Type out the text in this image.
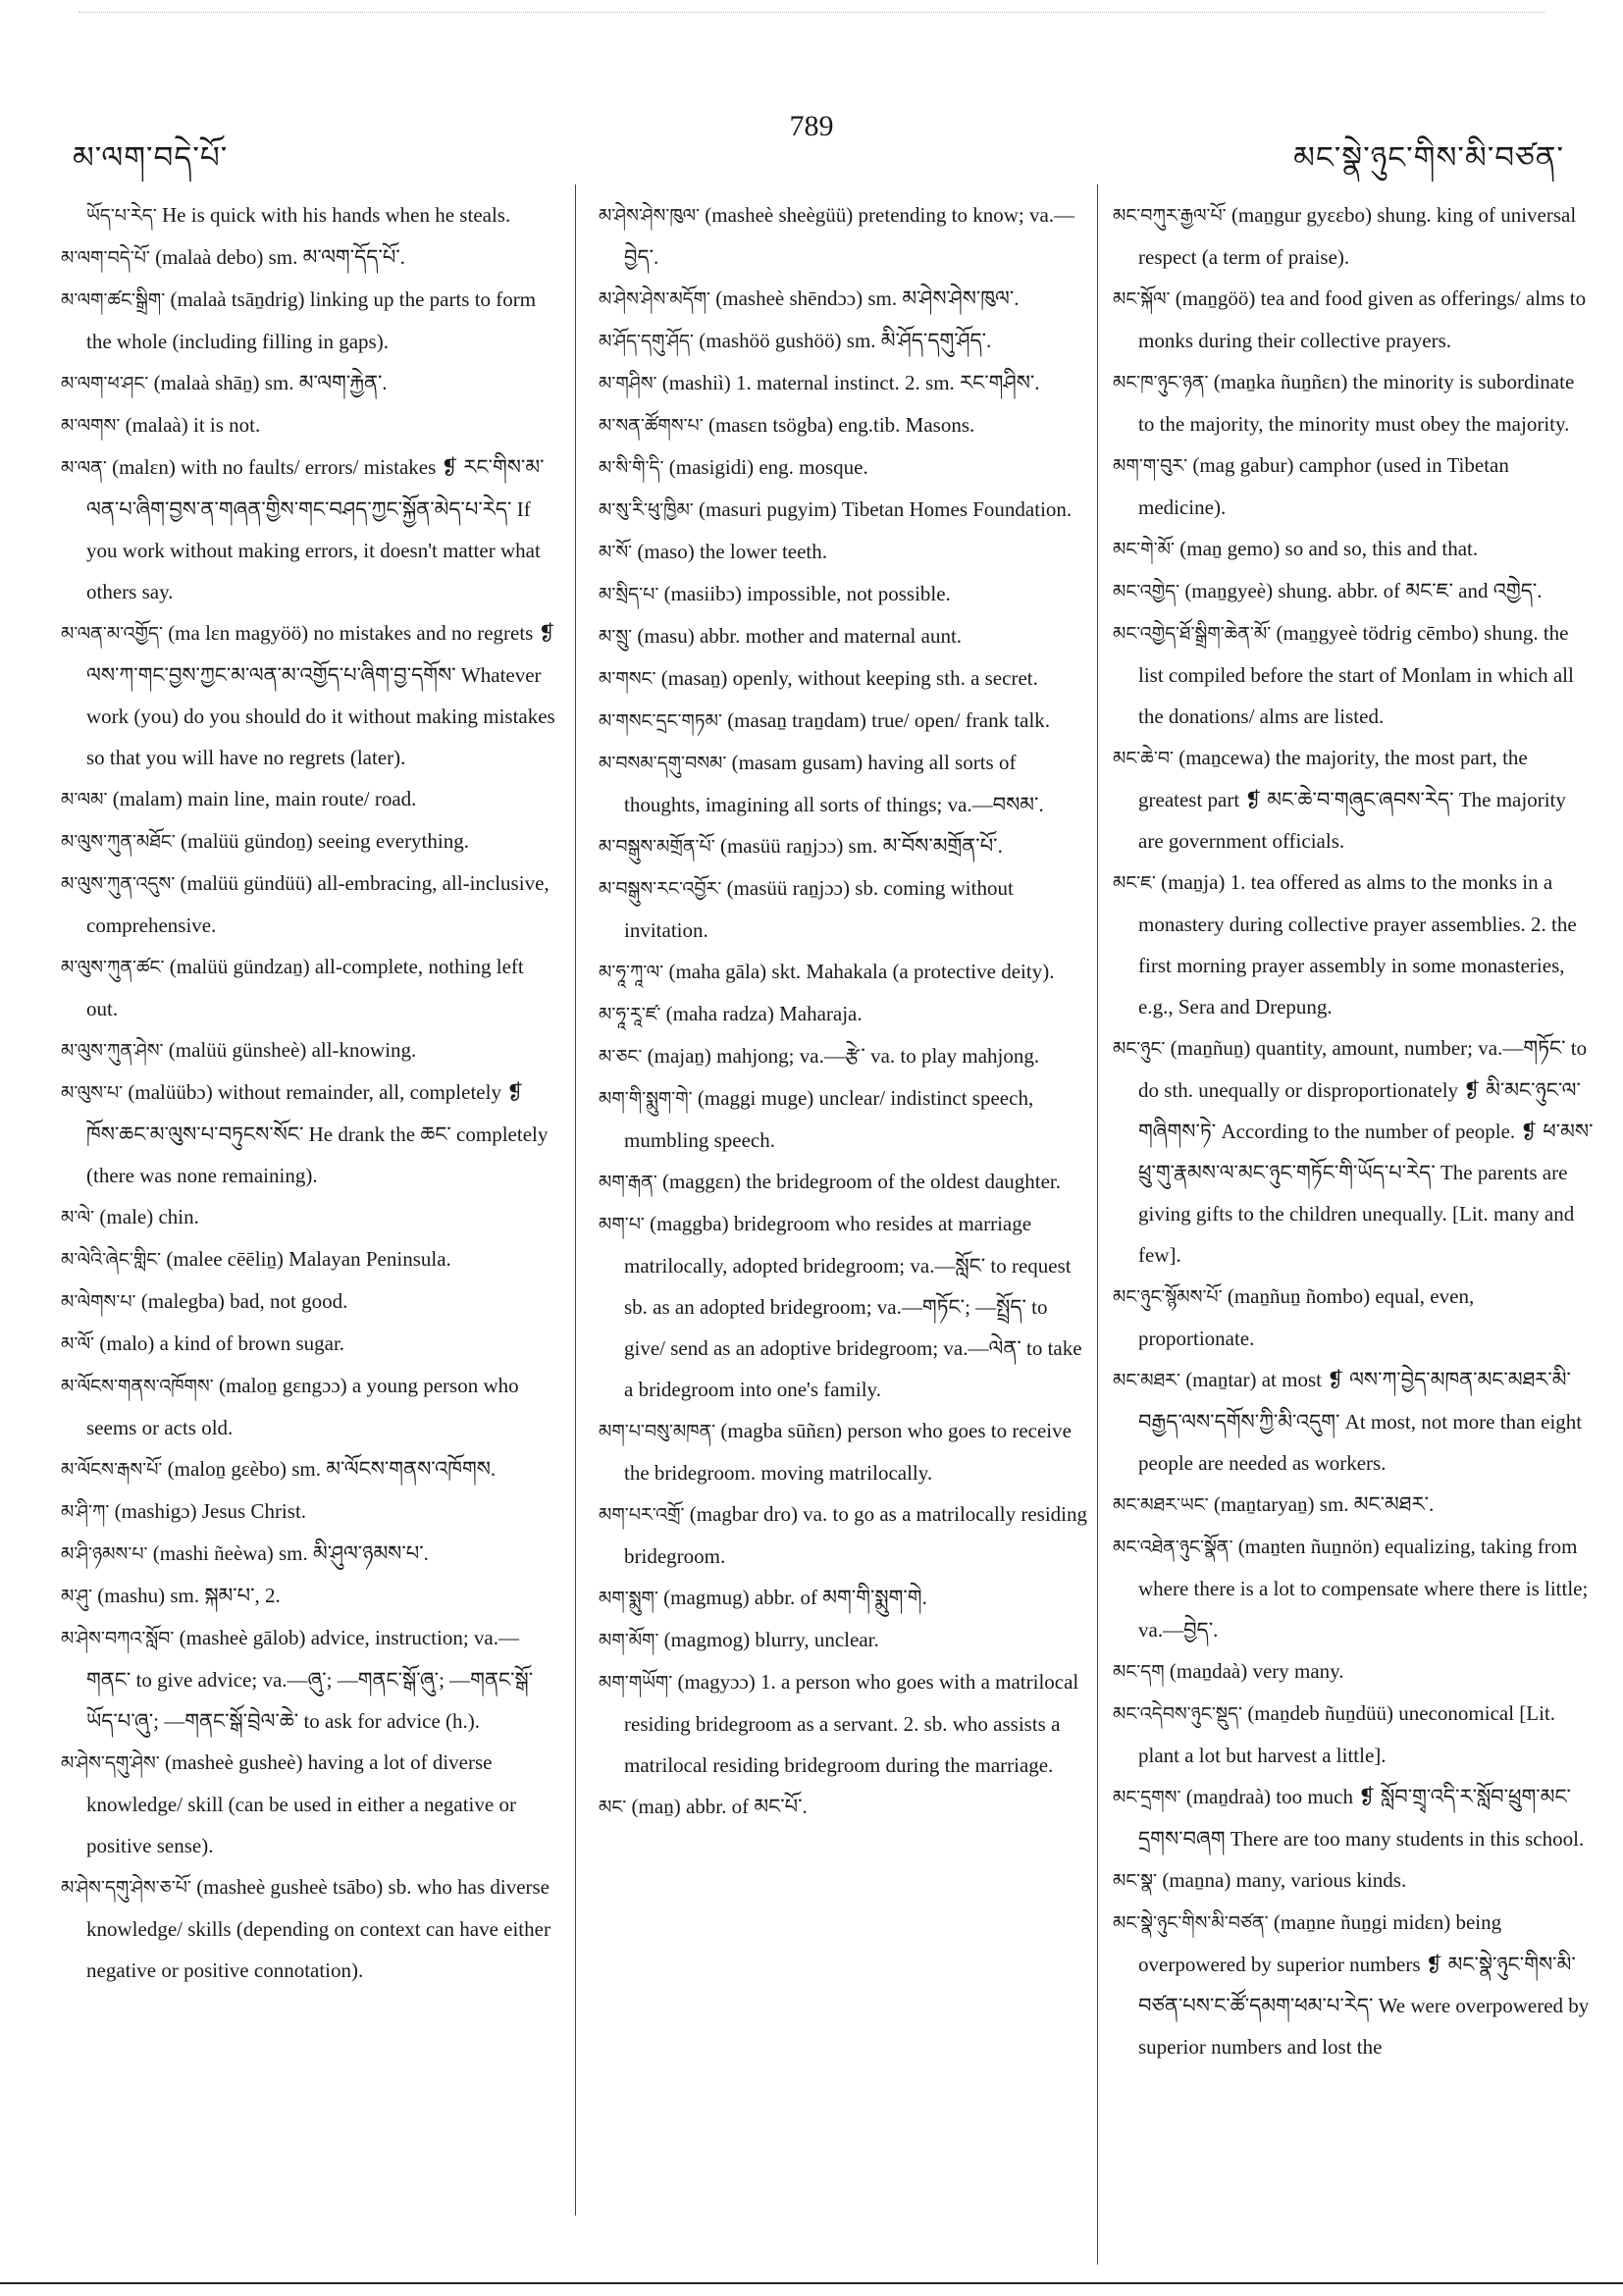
མ་ལག་བདེ་པོ་
789
མང་སྣེ་ཉུང་གིས་མི་བཙན་

ཡོད་པ་རེད་ He is quick with his hands when he steals.

མ་ལག་བདེ་པོ་ (malaà debo) sm. མ་ལག་དོད་པོ་.

མ་ལག་ཚང་སྒྲིག་ (malaà tsāṉdrig) linking up the parts to form the whole (including filling in gaps).

མ་ལག་ཕ་ཤང་ (malaà shāṉ) sm. མ་ལག་རྐྱེན་.

མ་ལགས་ (malaà) it is not.

མ་ལན་ (malɛn) with no faults/ errors/ mistakes ❡ རང་གིས་མ་ལན་པ་ཞིག་བྱས་ན་གཞན་གྱིས་གང་བཤད་ཀྱང་སྐྱོན་མེད་པ་རེད་ If you work without making errors, it doesn't matter what others say.

མ་ལན་མ་འགྱོད་ (ma lɛn magyöö) no mistakes and no regrets ❡ ལས་ཀ་གང་བྱས་ཀྱང་མ་ལན་མ་འགྱོད་པ་ཞིག་བྱ་དགོས་ Whatever work (you) do you should do it without making mistakes so that you will have no regrets (later).

མ་ལམ་ (malam) main line, main route/ road.

མ་ལུས་ཀུན་མཐོང་ (malüü gündoṉ) seeing everything.

མ་ལུས་ཀུན་འདུས་ (malüü gündüü) all-embracing, all-inclusive, comprehensive.

མ་ལུས་ཀུན་ཚང་ (malüü gündzaṉ) all-complete, nothing left out.

མ་ལུས་ཀུན་ཤེས་ (malüü günsheè) all-knowing.

མ་ལུས་པ་ (malüübɔ) without remainder, all, completely ❡ ཁོས་ཆང་མ་ལུས་པ་བཏུངས་སོང་ He drank the ཆང་ completely (there was none remaining).

མ་ལེ་ (male) chin.

མ་ལེའི་ཞེང་གླིང་ (malee cēēliṉ) Malayan Peninsula.

མ་ལེགས་པ་ (malegba) bad, not good.

མ་ལོ་ (malo) a kind of brown sugar.

མ་ལོངས་གནས་འཁོགས་ (maloṉ gɛngɔɔ) a young person who seems or acts old.

མ་ལོངས་རྒས་པོ་ (maloṉ gɛèbo) sm. མ་ལོངས་གནས་འཁོགས.

མ་ཤི་ཀ་ (mashigɔ) Jesus Christ.

མ་ཤི་ཉམས་པ་ (mashi ñeèwa) sm. མི་ཤུལ་ཉམས་པ་.

མ་ཤུ་ (mashu) sm. སྐམ་པ་, 2.

མ་ཤེས་བཀའ་སློབ་ (masheè gālob) advice, instruction; va.—གནང་ to give advice; va.—ཞུ་; —གནང་སྒོ་ཞུ་; —གནང་སྒོ་ཡོད་པ་ཞུ་; —གནང་སྒོ་བྲེལ་ཆེ་ to ask for advice (h.).

མ་ཤེས་དགུ་ཤེས་ (masheè gusheè) having a lot of diverse knowledge/ skill (can be used in either a negative or positive sense).

མ་ཤེས་དགུ་ཤེས་ཅ་པོ་ (masheè gusheè tsābo) sb. who has diverse knowledge/ skills (depending on context can have either negative or positive connotation).

མ་ཤེས་ཤེས་ཁུལ་ (masheè sheègüü) pretending to know; va.—བྱེད་.

མ་ཤེས་ཤེས་མདོག་ (masheè shēndɔɔ) sm. མ་ཤེས་ཤེས་ཁུལ་.

མ་ཤོད་དགུ་ཤོད་ (mashöö gushöö) sm. མི་ཤོད་དགུ་ཤོད་.

མ་གཤིས་ (mashiì) 1. maternal instinct. 2. sm. རང་གཤིས་.

མ་སན་ཚོགས་པ་ (masɛn tsögba) eng.tib. Masons.

མ་སི་གི་དི་ (masigidi) eng. mosque.

མ་སུ་རི་ཕུ་ཁྱིམ་ (masuri pugyim) Tibetan Homes Foundation.

མ་སོ་ (maso) the lower teeth.

མ་སྲིད་པ་ (masiibɔ) impossible, not possible.

མ་སྲུ་ (masu) abbr. mother and maternal aunt.

མ་གསང་ (masaṉ) openly, without keeping sth. a secret.

མ་གསང་དྲང་གཏམ་ (masaṉ traṉdam) true/ open/ frank talk.

མ་བསམ་དགུ་བསམ་ (masam gusam) having all sorts of thoughts, imagining all sorts of things; va.—བསམ་.

མ་བསྒུས་མགྲོན་པོ་ (masüü raṉjɔɔ) sm. མ་བོས་མགྲོན་པོ་.

མ་བསྒུས་རང་འབྱོར་ (masüü raṉjɔɔ) sb. coming without invitation.

མ་ཧཱ་ཀཱ་ལ་ (maha gāla) skt. Mahakala (a protective deity).

མ་ཧཱ་རཱ་ཛ་ (maha radza) Maharaja.

མ་ཅང་ (majaṉ) mahjong; va.—རྩེ་ va. to play mahjong.

མག་གི་སྨུག་གེ་ (maggi muge) unclear/ indistinct speech, mumbling speech.

མག་རྒན་ (maggɛn) the bridegroom of the oldest daughter.

མག་པ་ (maggba) bridegroom who resides at marriage matrilocally, adopted bridegroom; va.—སློང་ to request sb. as an adopted bridegroom; va.—གཏོང་; —སྤྲོད་ to give/ send as an adoptive bridegroom; va.—ལེན་ to take a bridegroom into one's family.

མག་པ་བསུ་མཁན་ (magba sūñɛn) person who goes to receive the bridegroom. moving matrilocally.

མག་པར་འགྲོ་ (magbar dro) va. to go as a matrilocally residing bridegroom.

མག་སྨུག་ (magmug) abbr. of མག་གི་སྨུག་གེ.

མག་མོག་ (magmog) blurry, unclear.

མག་གཡོག་ (magyɔɔ) 1. a person who goes with a matrilocal residing bridegroom as a servant. 2. sb. who assists a matrilocal residing bridegroom during the marriage.

མང་ (maṉ) abbr. of མང་པོ་.

མང་བཀུར་རྒྱལ་པོ་ (maṉgur gyɛɛbo) shung. king of universal respect (a term of praise).

མང་སྐོལ་ (maṉgöö) tea and food given as offerings/ alms to monks during their collective prayers.

མང་ཁ་ཉུང་ཉན་ (maṉka ñuṉñɛn) the minority is subordinate to the majority, the minority must obey the majority.

མག་ག་བུར་ (mag gabur) camphor (used in Tibetan medicine).

མང་གེ་མོ་ (maṉ gemo) so and so, this and that.

མང་འགྱེད་ (maṉgyeè) shung. abbr. of མང་ཇ་ and འགྱེད་.

མང་འགྱེད་ཐོ་སྒྲིག་ཆེན་མོ་ (maṉgyeè tödrig cēmbo) shung. the list compiled before the start of Monlam in which all the donations/ alms are listed.

མང་ཆེ་བ་ (maṉcewa) the majority, the most part, the greatest part ❡ མང་ཆེ་བ་གཞུང་ཞབས་རེད་ The majority are government officials.

མང་ཇ་ (maṉja) 1. tea offered as alms to the monks in a monastery during collective prayer assemblies. 2. the first morning prayer assembly in some monasteries, e.g., Sera and Drepung.

མང་ཉུང་ (maṉñuṉ) quantity, amount, number; va.—གཏོང་ to do sth. unequally or disproportionately ❡ མི་མང་ཉུང་ལ་གཞིགས་ཏེ་ According to the number of people. ❡ ཕ་མས་ཕྲུ་གུ་རྣམས་ལ་མང་ཉུང་གཏོང་གི་ཡོད་པ་རེད་ The parents are giving gifts to the children unequally. [Lit. many and few].

མང་ཉུང་སྙོམས་པོ་ (maṉñuṉ ñombo) equal, even, proportionate.

མང་མཐར་ (maṉtar) at most ❡ ལས་ཀ་བྱེད་མཁན་མང་མཐར་མི་བརྒྱད་ལས་དགོས་ཀྱི་མི་འདུག་ At most, not more than eight people are needed as workers.

མང་མཐར་ཡང་ (maṉtaryaṉ) sm. མང་མཐར་.

མང་འཐེན་ཉུང་སྣོན་ (maṉten ñuṉnön) equalizing, taking from where there is a lot to compensate where there is little; va.—བྱེད་.

མང་དག (maṉdaà) very many.

མང་འདེབས་ཉུང་སྡུད་ (maṉdeb ñuṉdüü) uneconomical [Lit. plant a lot but harvest a little].

མང་དྲགས་ (maṉdraà) too much ❡ སློབ་གྲྭ་འདི་ར་སློབ་ཕྲུག་མང་དྲགས་བཞག There are too many students in this school.

མང་སྣ་ (maṉna) many, various kinds.

མང་སྣེ་ཉུང་གིས་མི་བཙན་ (maṉne ñuṉgi midɛn) being overpowered by superior numbers ❡ མང་སྣེ་ཉུང་གིས་མི་བཙན་པས་ང་ཚོ་དམག་ཕམ་པ་རེད་ We were overpowered by superior numbers and lost the
